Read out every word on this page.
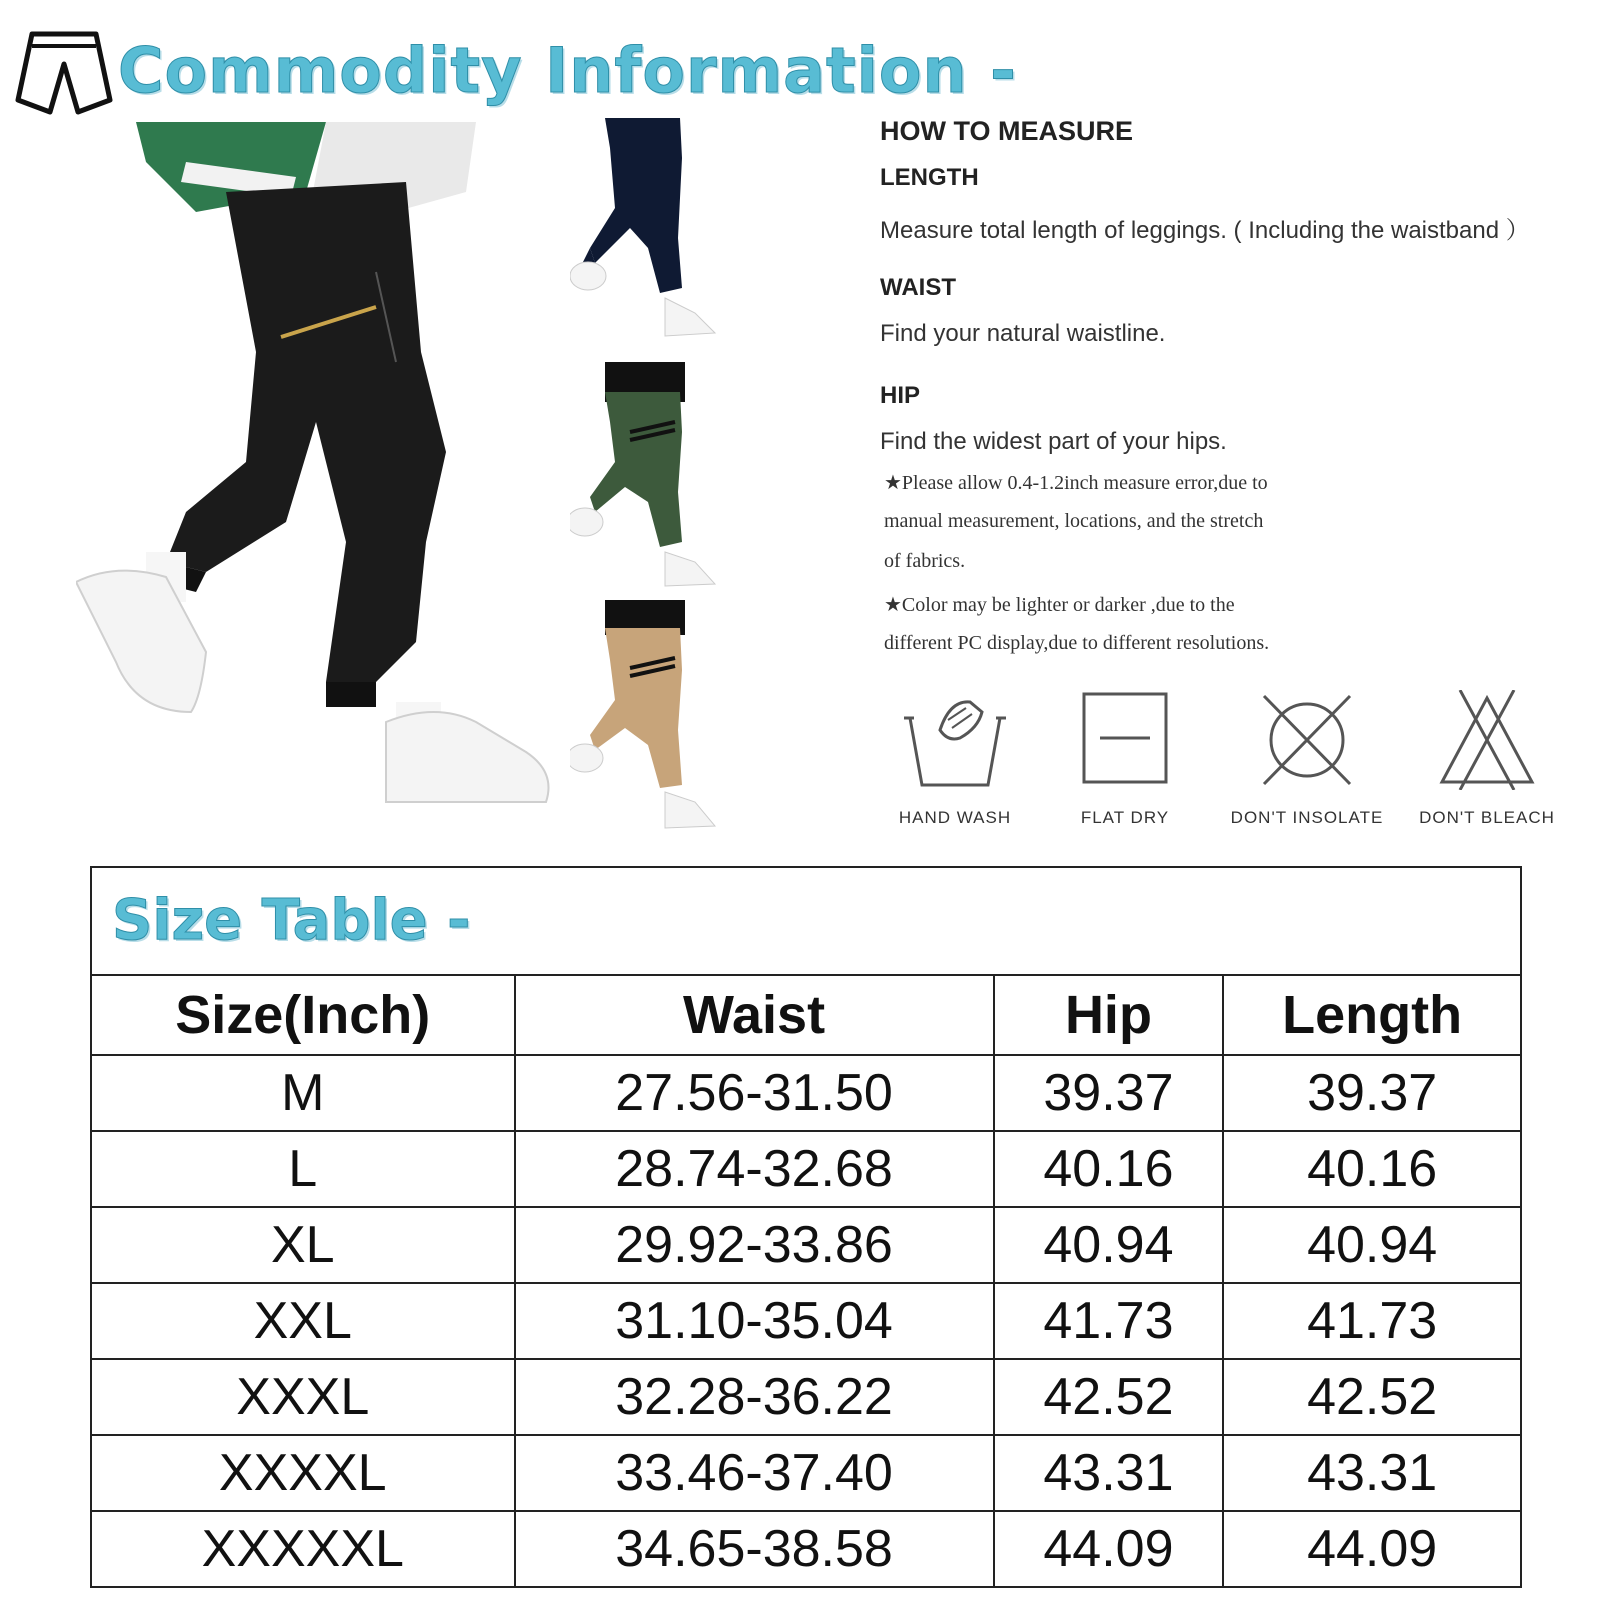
Commodity Information -
HOW TO MEASURE
LENGTH
Measure total length of leggings. ( Including the waistband ）
WAIST
Find your natural waistline.
HIP
Find the widest part of your hips.
★Please allow 0.4-1.2inch measure error,due to
manual measurement, locations, and the stretch
of fabrics.
★Color may be lighter or darker ,due to the
different PC display,due to different resolutions.
HAND WASH	FLAT DRY	DON'T INSOLATE	DON'T BLEACH
Size Table -
Size(Inch)	Waist	Hip	Length
M	27.56-31.50	39.37	39.37
L	28.74-32.68	40.16	40.16
XL	29.92-33.86	40.94	40.94
XXL	31.10-35.04	41.73	41.73
XXXL	32.28-36.22	42.52	42.52
XXXXL	33.46-37.40	43.31	43.31
XXXXXL	34.65-38.58	44.09	44.09
